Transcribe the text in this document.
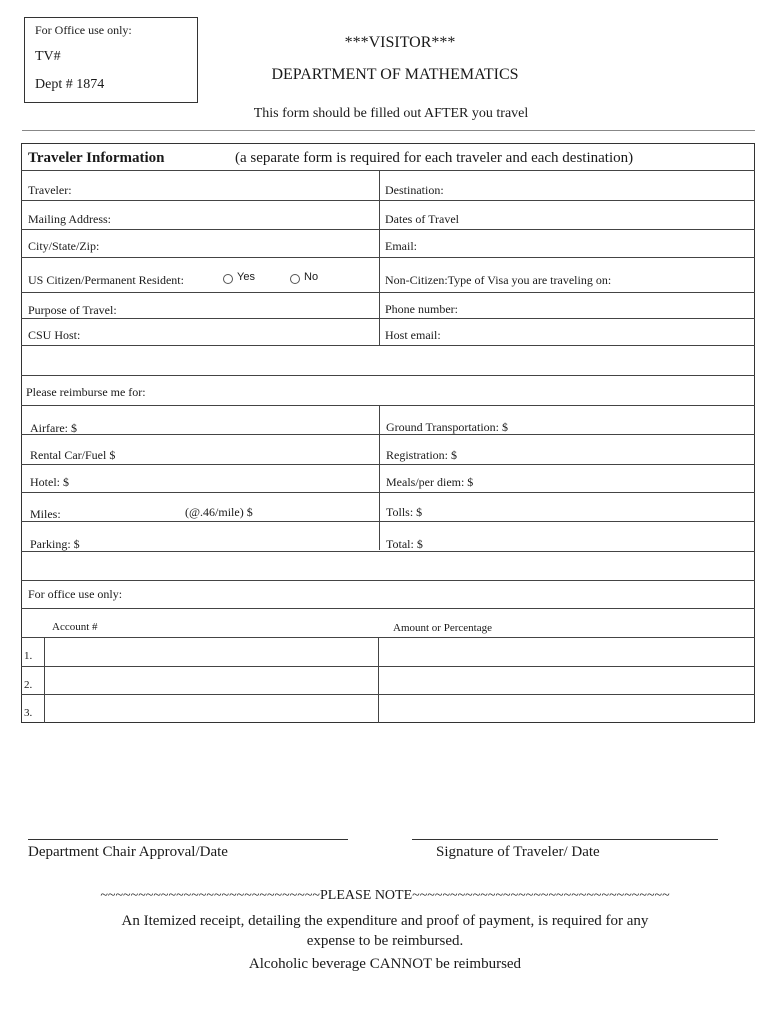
For Office use only:
TV#
Dept # 1874
***VISITOR***
DEPARTMENT OF MATHEMATICS
This form should be filled out AFTER you travel
Traveler Information	(a separate form is required for each traveler and each destination)
Traveler:	Destination:
Mailing Address:	Dates of Travel
City/State/Zip:	Email:
US Citizen/Permanent Resident:	Yes	No	Non-Citizen:Type of Visa you are traveling on:
Purpose of Travel:	Phone number:
CSU Host:	Host email:
Please reimburse me for:
Airfare: $	Ground Transportation: $
Rental Car/Fuel $	Registration: $
Hotel: $	Meals/per diem: $
Miles:	(@.46/mile) $	Tolls: $
Parking: $	Total: $
For office use only:
Account #	Amount or Percentage
1.
2.
3.
Department Chair Approval/Date	Signature of Traveler/ Date
~~~~~~~~~~~~~~~~~~~~~~~~~~~~~PLEASE NOTE~~~~~~~~~~~~~~~~~~~~~~~~~~~~~~~~~~
An Itemized receipt, detailing the expenditure and proof of payment, is required for any
expense to be reimbursed.
Alcoholic beverage CANNOT be reimbursed
